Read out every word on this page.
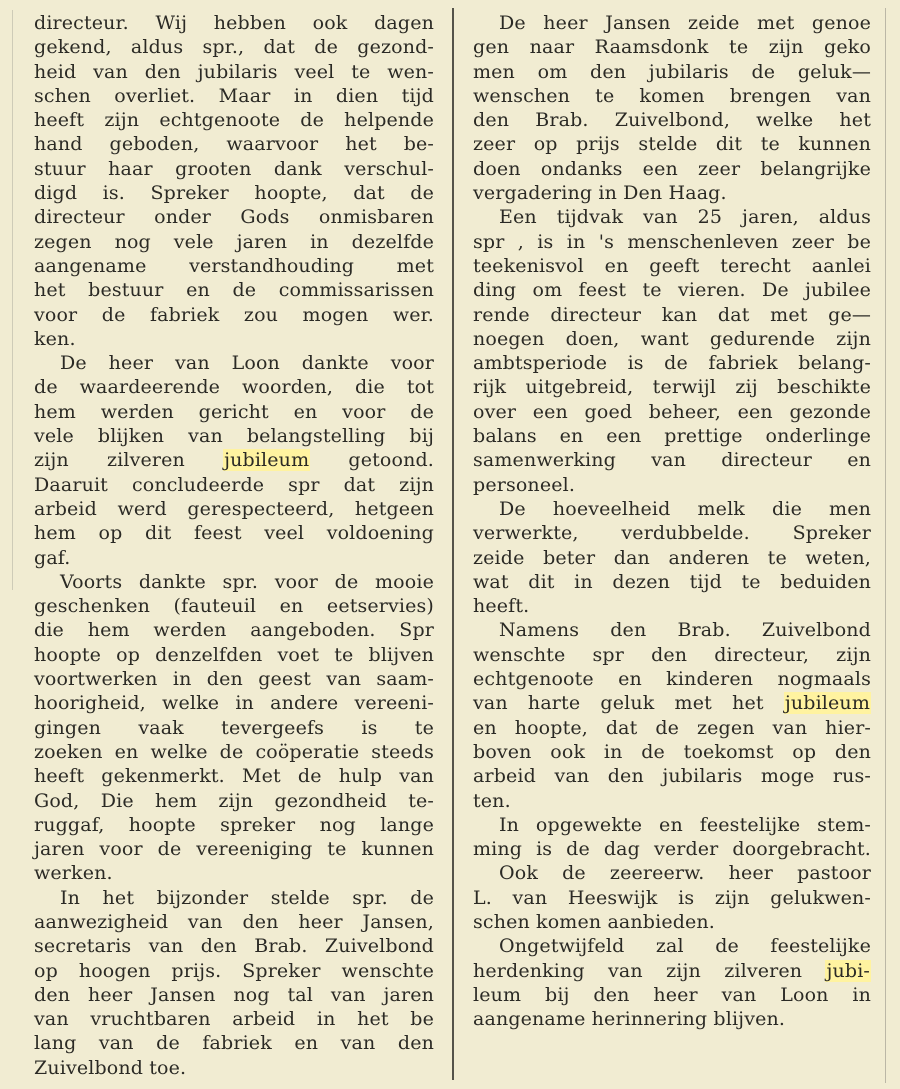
directeur. Wij hebben ook dagen
gekend, aldus spr., dat de gezond-
heid van den jubilaris veel te wen-
schen overliet. Maar in dien tijd
heeft zijn echtgenoote de helpende
hand geboden, waarvoor het be-
stuur haar grooten dank verschul-
digd is. Spreker hoopte, dat de
directeur onder Gods onmisbaren
zegen nog vele jaren in dezelfde
aangename verstandhouding met
het bestuur en de commissarissen
voor de fabriek zou mogen wer.
ken.
De heer van Loon dankte voor
de waardeerende woorden, die tot
hem werden gericht en voor de
vele blijken van belangstelling bij
zijn zilveren jubileum getoond.
Daaruit concludeerde spr dat zijn
arbeid werd gerespecteerd, hetgeen
hem op dit feest veel voldoening
gaf.
Voorts dankte spr. voor de mooie
geschenken (fauteuil en eetservies)
die hem werden aangeboden. Spr
hoopte op denzelfden voet te blijven
voortwerken in den geest van saam-
hoorigheid, welke in andere vereeni-
gingen vaak tevergeefs is te
zoeken en welke de coöperatie steeds
heeft gekenmerkt. Met de hulp van
God, Die hem zijn gezondheid te-
ruggaf, hoopte spreker nog lange
jaren voor de vereeniging te kunnen
werken.
In het bijzonder stelde spr. de
aanwezigheid van den heer Jansen,
secretaris van den Brab. Zuivelbond
op hoogen prijs. Spreker wenschte
den heer Jansen nog tal van jaren
van vruchtbaren arbeid in het be
lang van de fabriek en van den
Zuivelbond toe.
De heer Jansen zeide met genoe
gen naar Raamsdonk te zijn geko
men om den jubilaris de geluk—
wenschen te komen brengen van
den Brab. Zuivelbond, welke het
zeer op prijs stelde dit te kunnen
doen ondanks een zeer belangrijke
vergadering in Den Haag.
Een tijdvak van 25 jaren, aldus
spr , is in 's menschenleven zeer be
teekenisvol en geeft terecht aanlei
ding om feest te vieren. De jubilee
rende directeur kan dat met ge—
noegen doen, want gedurende zijn
ambtsperiode is de fabriek belang-
rijk uitgebreid, terwijl zij beschikte
over een goed beheer, een gezonde
balans en een prettige onderlinge
samenwerking van directeur en
personeel.
De hoeveelheid melk die men
verwerkte, verdubbelde. Spreker
zeide beter dan anderen te weten,
wat dit in dezen tijd te beduiden
heeft.
Namens den Brab. Zuivelbond
wenschte spr den directeur, zijn
echtgenoote en kinderen nogmaals
van harte geluk met het jubileum
en hoopte, dat de zegen van hier-
boven ook in de toekomst op den
arbeid van den jubilaris moge rus-
ten.
In opgewekte en feestelijke stem-
ming is de dag verder doorgebracht.
Ook de zeereerw. heer pastoor
L. van Heeswijk is zijn gelukwen-
schen komen aanbieden.
Ongetwijfeld zal de feestelijke
herdenking van zijn zilveren jubi-
leum bij den heer van Loon in
aangename herinnering blijven.
